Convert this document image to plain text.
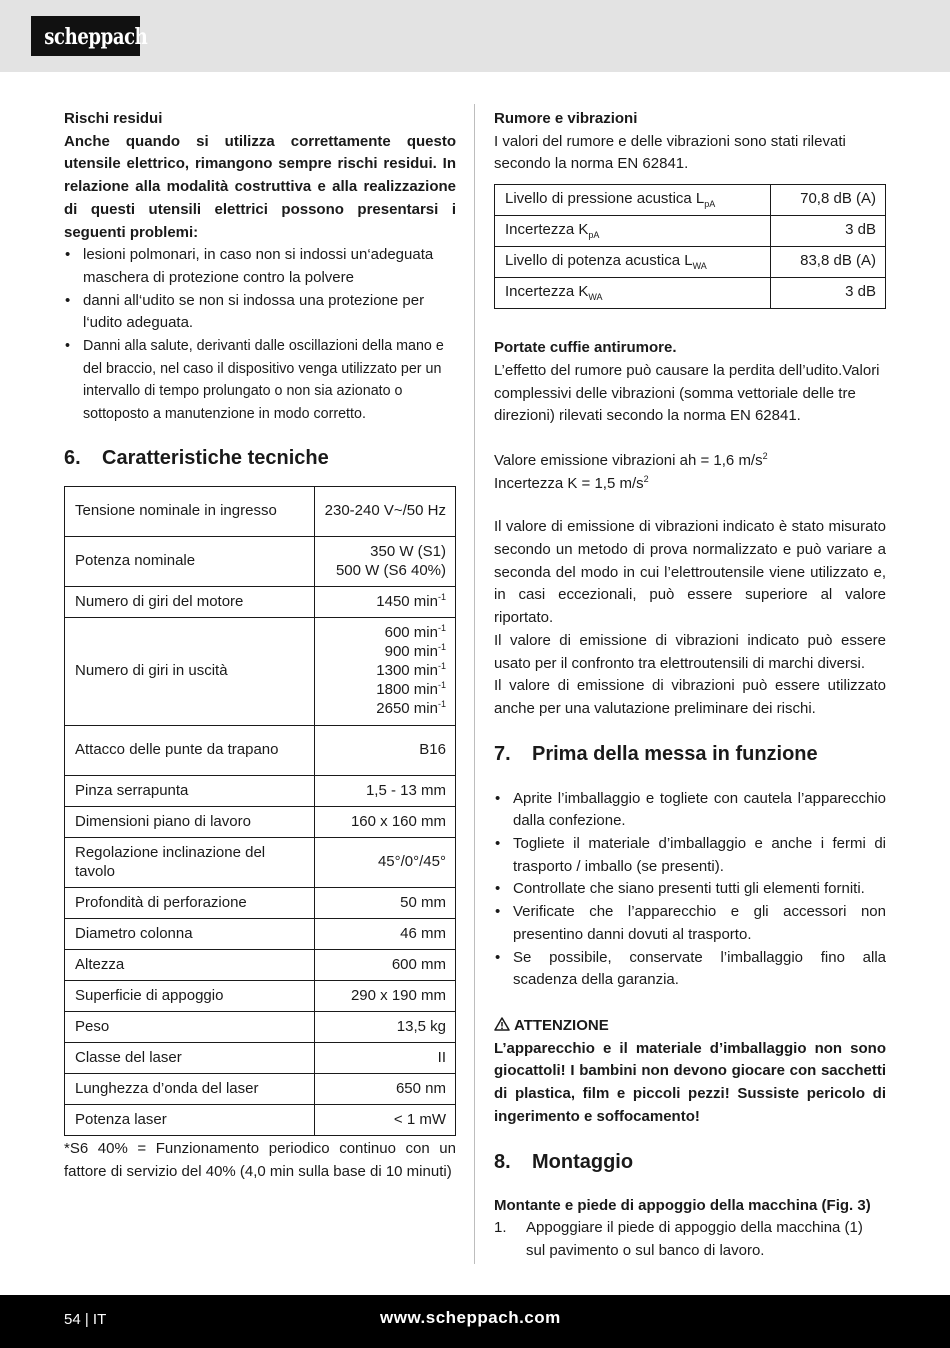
scheppach

Rischi residui

Anche quando si utilizza correttamente questo utensile elettrico, rimangono sempre rischi residui. In relazione alla modalità costruttiva e alla realizzazione di questi utensili elettrici possono presentarsi i seguenti problemi:

• lesioni polmonari, in caso non si indossi un‘adeguata maschera di protezione contro la polvere
• danni all‘udito se non si indossa una protezione per l‘udito adeguata.
• Danni alla salute, derivanti dalle oscillazioni della mano e del braccio, nel caso il dispositivo venga utilizzato per un intervallo di tempo prolungato o non sia azionato o sottoposto a manutenzione in modo corretto.
6.	Caratteristiche tecniche
Tensione nominale in ingresso	230-240 V~/50 Hz
Potenza nominale	350 W (S1)
500 W (S6 40%)

Numero di giri del motore	1450 $\min^{-1}$
Numero di giri in uscità	600 $\min^{-1}$
900 $\min^{-1}$
1300 $\min^{-1}$
1800 $\min^{-1}$
2650 $\min^{-1}$

Attacco delle punte da trapano	B16
Pinza serrapunta	1,5 - 13 mm
Dimensioni piano di lavoro	160 x 160 mm
Regolazione inclinazione del tavolo	45°/0°/45°
Profondità di perforazione	50 mm
Diametro colonna	46 mm
Altezza	600 mm
Superficie di appoggio	290 x 190 mm
Peso	13,5 kg
Classe del laser	II
Lunghezza d’onda del laser	650 nm
Potenza laser	< 1 mW

*S6 40% = Funzionamento periodico continuo con un fattore di servizio del 40% (4,0 min sulla base di 10 minuti)

Rumore e vibrazioni

I valori del rumore e delle vibrazioni sono stati rilevati secondo la norma EN 62841.

Livello di pressione acustica $L_{pA}$	70,8 dB (A)
Incertezza $K_{pA}$	3 dB
Livello di potenza acustica $L_{WA}$	83,8 dB (A)
Incertezza $K_{WA}$	3 dB

Portate cuffie antirumore.

L’effetto del rumore può causare la perdita dell’udito.Valori complessivi delle vibrazioni (somma vettoriale delle tre direzioni) rilevati secondo la norma EN 62841.

Valore emissione vibrazioni ah = 1,6 $m/s^2$

Incertezza K = 1,5 $m/s^2$

Il valore di emissione di vibrazioni indicato è stato misurato secondo un metodo di prova normalizzato e può variare a seconda del modo in cui l’elettroutensile viene utilizzato e, in casi eccezionali, può essere superiore al valore riportato.

Il valore di emissione di vibrazioni indicato può essere usato per il confronto tra elettroutensili di marchi diversi.

Il valore di emissione di vibrazioni può essere utilizzato anche per una valutazione preliminare dei rischi.

7.	Prima della messa in funzione
• Aprite l’imballaggio e togliete con cautela l’apparecchio dalla confezione.
• Togliete il materiale d’imballaggio e anche i fermi di trasporto / imballo (se presenti).
• Controllate che siano presenti tutti gli elementi forniti.
• Verificate che l’apparecchio e gli accessori non presentino danni dovuti al trasporto.
• Se possibile, conservate l’imballaggio fino alla scadenza della garanzia.

ATTENZIONE

L’apparecchio e il materiale d’imballaggio non sono giocattoli! I bambini non devono giocare con sacchetti di plastica, film e piccoli pezzi! Sussiste pericolo di ingerimento e soffocamento!

8.	Montaggio

Montante e piede di appoggio della macchina (Fig. 3)

1.	Appoggiare il piede di appoggio della macchina (1) sul pavimento o sul banco di lavoro.
54 | IT	www.scheppach.com
